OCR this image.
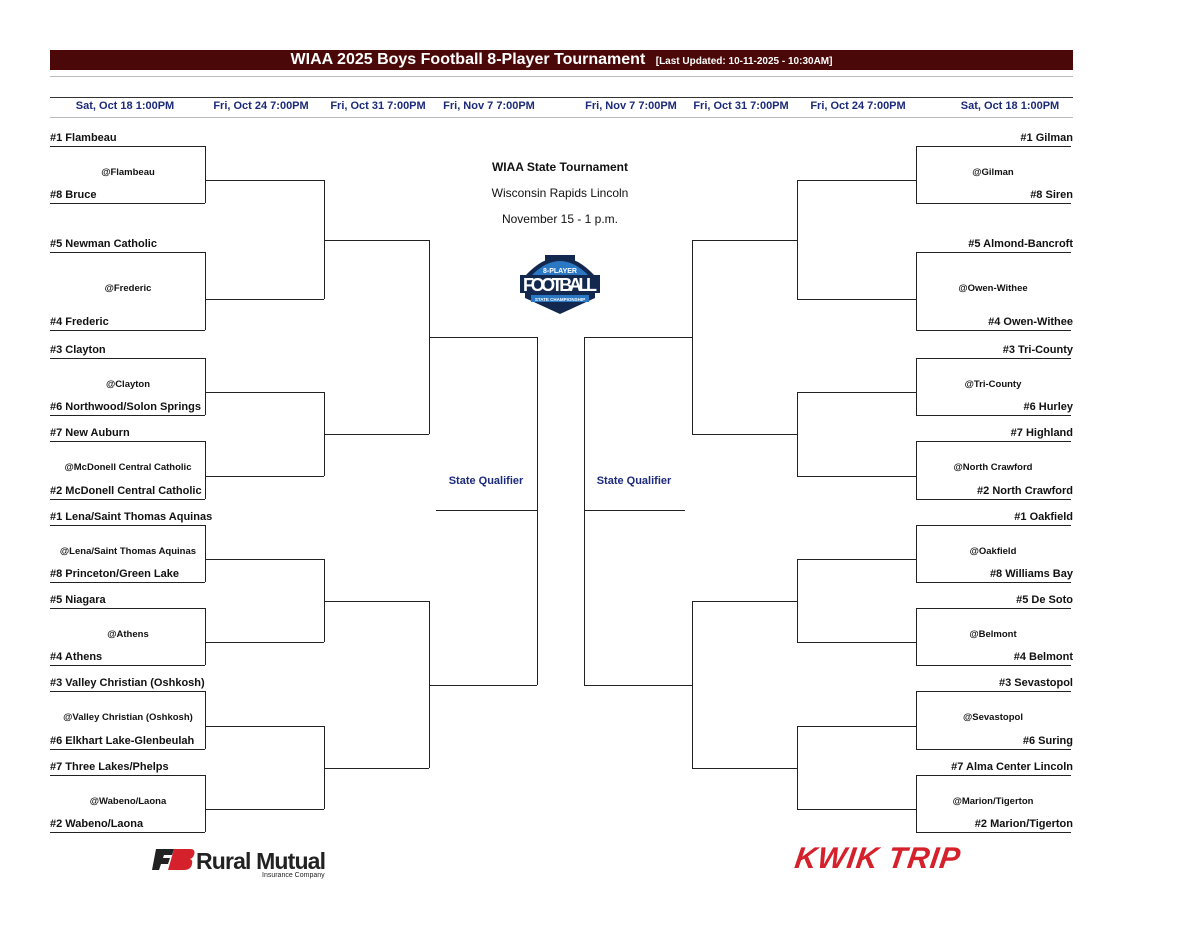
WIAA 2025 Boys Football 8-Player Tournament [Last Updated: 10-11-2025 - 10:30AM]
Sat, Oct 18 1:00PM	Fri, Oct 24 7:00PM	Fri, Oct 31 7:00PM	Fri, Nov 7 7:00PM	Fri, Nov 7 7:00PM	Fri, Oct 31 7:00PM	Fri, Oct 24 7:00PM	Sat, Oct 18 1:00PM
#1 Flambeau
#8 Bruce
@Flambeau
#5 Newman Catholic
#4 Frederic
@Frederic
#3 Clayton
#6 Northwood/Solon Springs
@Clayton
#7 New Auburn
#2 McDonell Central Catholic
@McDonell Central Catholic
#1 Lena/Saint Thomas Aquinas
#8 Princeton/Green Lake
@Lena/Saint Thomas Aquinas
#5 Niagara
#4 Athens
@Athens
#3 Valley Christian (Oshkosh)
#6 Elkhart Lake-Glenbeulah
@Valley Christian (Oshkosh)
#7 Three Lakes/Phelps
#2 Wabeno/Laona
@Wabeno/Laona
State Qualifier
#1 Gilman
#8 Siren
@Gilman
#5 Almond-Bancroft
#4 Owen-Withee
@Owen-Withee
#3 Tri-County
#6 Hurley
@Tri-County
#7 Highland
#2 North Crawford
@North Crawford
#1 Oakfield
#8 Williams Bay
@Oakfield
#5 De Soto
#4 Belmont
@Belmont
#3 Sevastopol
#6 Suring
@Sevastopol
#7 Alma Center Lincoln
#2 Marion/Tigerton
@Marion/Tigerton
State Qualifier
WIAA State Tournament
Wisconsin Rapids Lincoln
November 15 - 1 p.m.
8-PLAYER
FOOTBALL
STATE CHAMPIONSHIP
Rural Mutual
Insurance Company
KWIK TRIP
